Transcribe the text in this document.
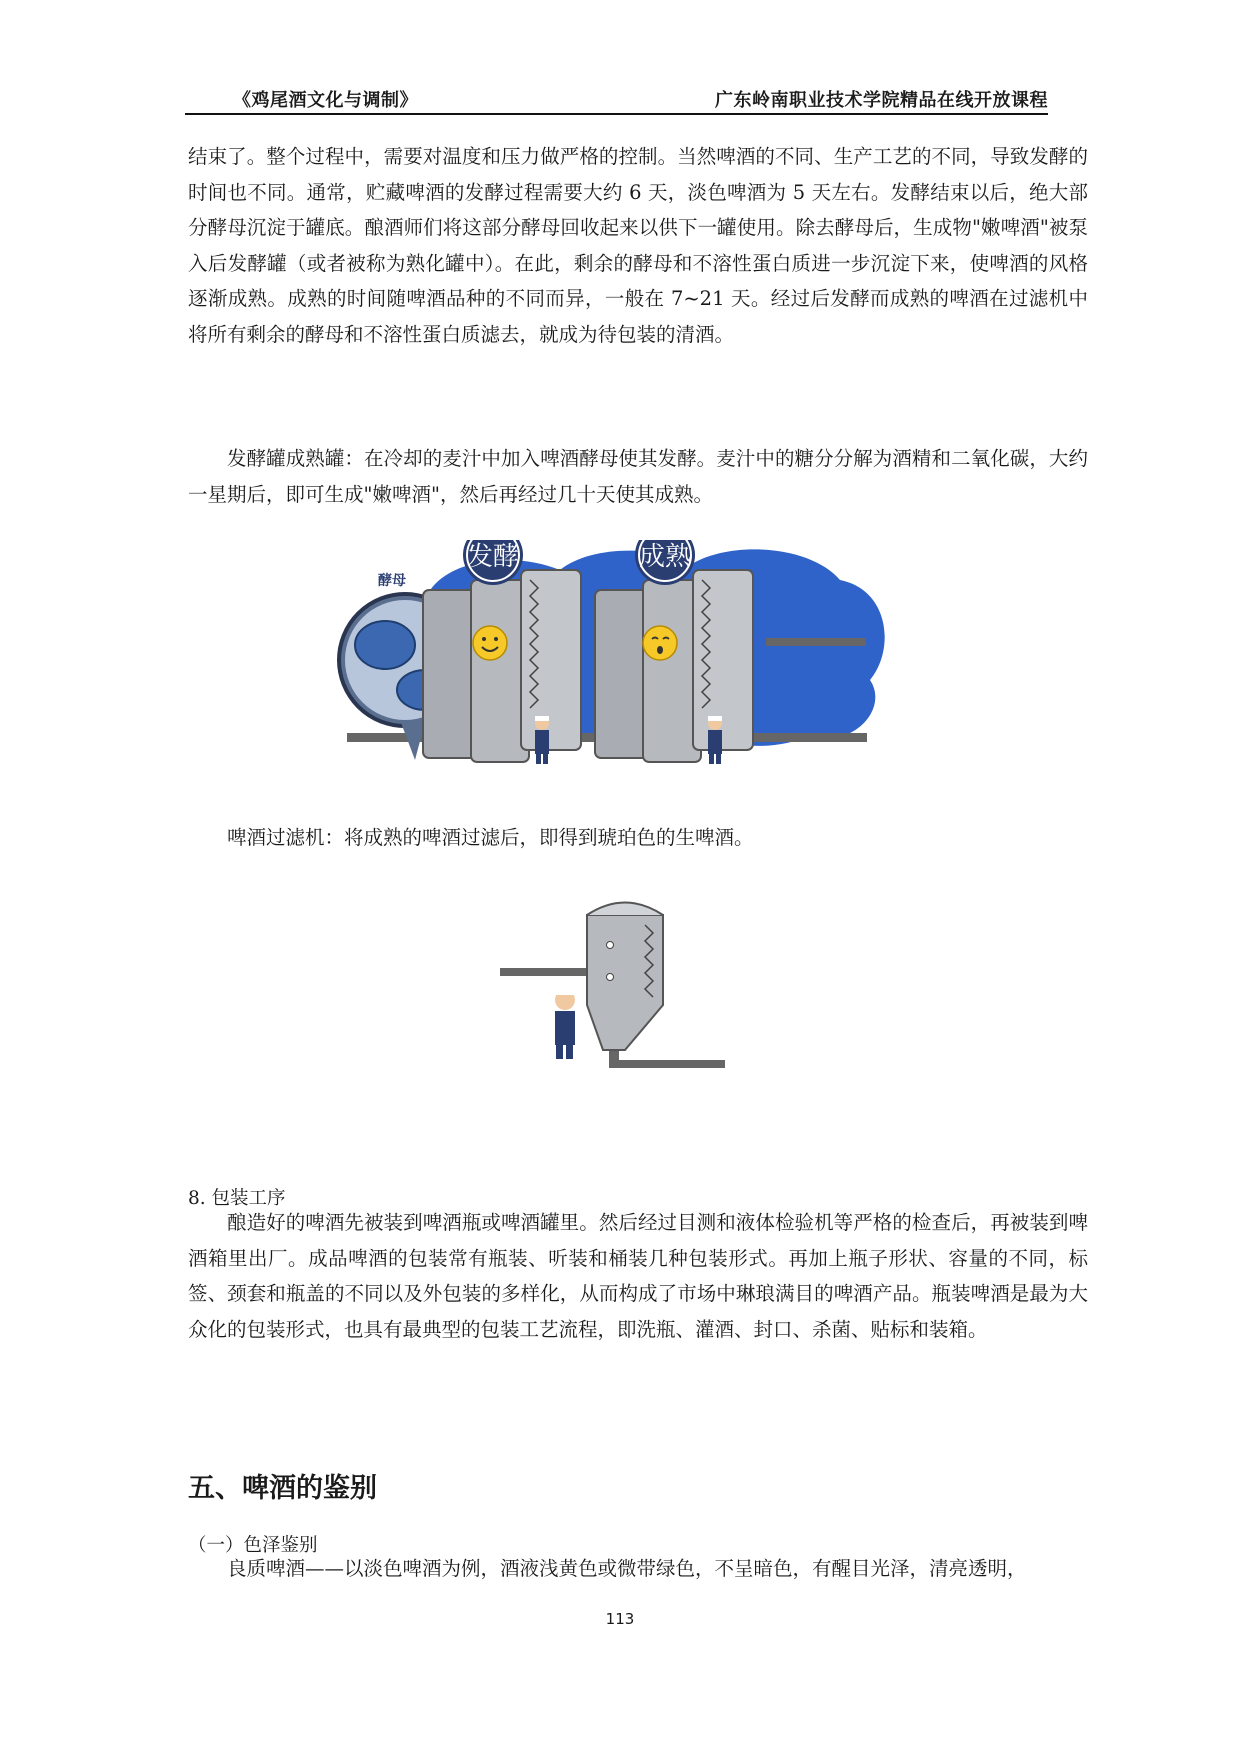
《鸡尾酒文化与调制》	广东岭南职业技术学院精品在线开放课程

结束了。整个过程中，需要对温度和压力做严格的控制。当然啤酒的不同、生产工艺的不同，导致发酵的时间也不同。通常，贮藏啤酒的发酵过程需要大约 6 天，淡色啤酒为 5 天左右。发酵结束以后，绝大部分酵母沉淀于罐底。酿酒师们将这部分酵母回收起来以供下一罐使用。除去酵母后，生成物"嫩啤酒"被泵入后发酵罐（或者被称为熟化罐中）。在此，剩余的酵母和不溶性蛋白质进一步沉淀下来，使啤酒的风格逐渐成熟。成熟的时间随啤酒品种的不同而异，一般在 7~21 天。经过后发酵而成熟的啤酒在过滤机中将所有剩余的酵母和不溶性蛋白质滤去，就成为待包装的清酒。

发酵罐成熟罐：在冷却的麦汁中加入啤酒酵母使其发酵。麦汁中的糖分分解为酒精和二氧化碳，大约一星期后，即可生成"嫩啤酒"，然后再经过几十天使其成熟。

酵母
发酵	成熟

啤酒过滤机：将成熟的啤酒过滤后，即得到琥珀色的生啤酒。

8. 包装工序

酿造好的啤酒先被装到啤酒瓶或啤酒罐里。然后经过目测和液体检验机等严格的检查后，再被装到啤酒箱里出厂。成品啤酒的包装常有瓶装、听装和桶装几种包装形式。再加上瓶子形状、容量的不同，标签、颈套和瓶盖的不同以及外包装的多样化，从而构成了市场中琳琅满目的啤酒产品。瓶装啤酒是最为大众化的包装形式，也具有最典型的包装工艺流程，即洗瓶、灌酒、封口、杀菌、贴标和装箱。

五、啤酒的鉴别

（一）色泽鉴别

良质啤酒——以淡色啤酒为例，酒液浅黄色或微带绿色，不呈暗色，有醒目光泽，清亮透明，

113
